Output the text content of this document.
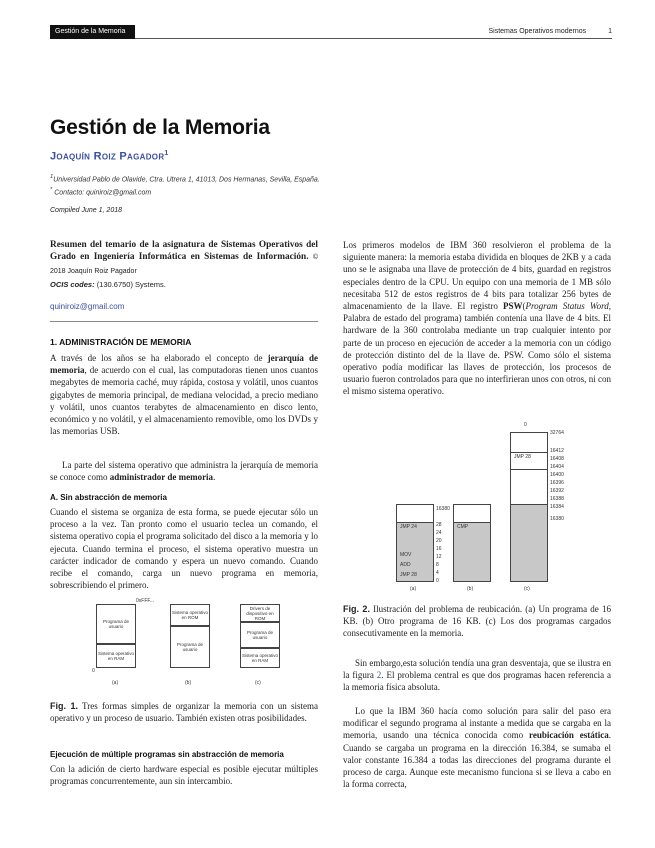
Gestión de la Memoria	Sistemas Operativos modernos	1
Gestión de la Memoria
Joaquín Roiz Pagador$^1$
$^1$Universidad Pablo de Olavide, Ctra. Utrera 1, 41013, Dos Hermanas, Sevilla, España.
* Contacto: quiniroiz@gmail.com
Compiled June 1, 2018
Resumen del temario de la asignatura de Sistemas Operativos del Grado en Ingeniería Informática en Sistemas de Información. © 2018 Joaquín Roiz Pagador
OCIS codes: (130.6750) Systems.
quiniroiz@gmail.com
1. ADMINISTRACIÓN DE MEMORIA
A través de los años se ha elaborado el concepto de jerarquía de memoria, de acuerdo con el cual, las computadoras tienen unos cuantos megabytes de memoria caché, muy rápida, costosa y volátil, unos cuantos gigabytes de memoria principal, de mediana velocidad, a precio mediano y volátil, unos cuantos terabytes de almacenamiento en disco lento, económico y no volátil, y el almacenamiento removible, omo los DVDs y las memorias USB.
La parte del sistema operativo que administra la jerarquía de memoria se conoce como administrador de memoria.
A. Sin abstracción de memoria
Cuando el sistema se organiza de esta forma, se puede ejecutar sólo un proceso a la vez. Tan pronto como el usuario teclea un comando, el sistema operativo copia el programa solicitado del disco a la memoria y lo ejecuta. Cuando termina el proceso, el sistema operativo muestra un carácter indicador de comando y espera un nuevo comando. Cuando recibe el comando, carga un nuevo programa en memoria, sobrescribiendo el primero.
0xFFF...
0
Programa de usuario
Sistema operativo en RAM
Sistema operativo en ROM
Programa de usuario
Drivers de dispositivo en ROM
Programa de usuario
Sistema operativo en RAM
(a)	(b)	(c)
Fig. 1. Tres formas simples de organizar la memoria con un sistema operativo y un proceso de usuario. También existen otras posibilidades.
Ejecución de múltiple programas sin abstracción de memoria
Con la adición de cierto hardware especial es posible ejecutar múltiples programas concurrentemente, aun sin intercambio.
Los primeros modelos de IBM 360 resolvieron el problema de la siguiente manera: la memoria estaba dividida en bloques de 2KB y a cada uno se le asignaba una llave de protección de 4 bits, guardad en registros especiales dentro de la CPU. Un equipo con una memoria de 1 MB sólo necesitaba 512 de estos registros de 4 bits para totalizar 256 bytes de almacenamiento de la llave. El registro PSW(Program Status Word, Palabra de estado del programa) también contenía una llave de 4 bits. El hardware de la 360 controlaba mediante un trap cualquier intento por parte de un proceso en ejecución de acceder a la memoria con un código de protección distinto del de la llave de. PSW. Como sólo el sistema operativo podía modificar las llaves de protección, los procesos de usuario fueron controlados para que no interfirieran unos con otros, ni con el mismo sistema operativo.
32764
16412
16408
16404
16400
16396
16392
16388
16384
16380
16380
28
24
20
16
12
8
4
0
0
JMP 24
MOV
ADD
JMP 28
CMP
JMP 28
(a)	(b)	(c)
Fig. 2. Ilustración del problema de reubicación. (a) Un programa de 16 KB. (b) Otro programa de 16 KB. (c) Los dos programas cargados consecutivamente en la memoria.
Sin embargo,esta solución tendía una gran desventaja, que se ilustra en la figura 2. El problema central es que dos programas hacen referencia a la memoria física absoluta.
Lo que la IBM 360 hacía como solución para salir del paso era modificar el segundo programa al instante a medida que se cargaba en la memoria, usando una técnica conocida como reubicación estática. Cuando se cargaba un programa en la dirección 16.384, se sumaba el valor constante 16.384 a todas las direcciones del programa durante el proceso de carga. Aunque este mecanismo funciona si se lleva a cabo en la forma correcta,
